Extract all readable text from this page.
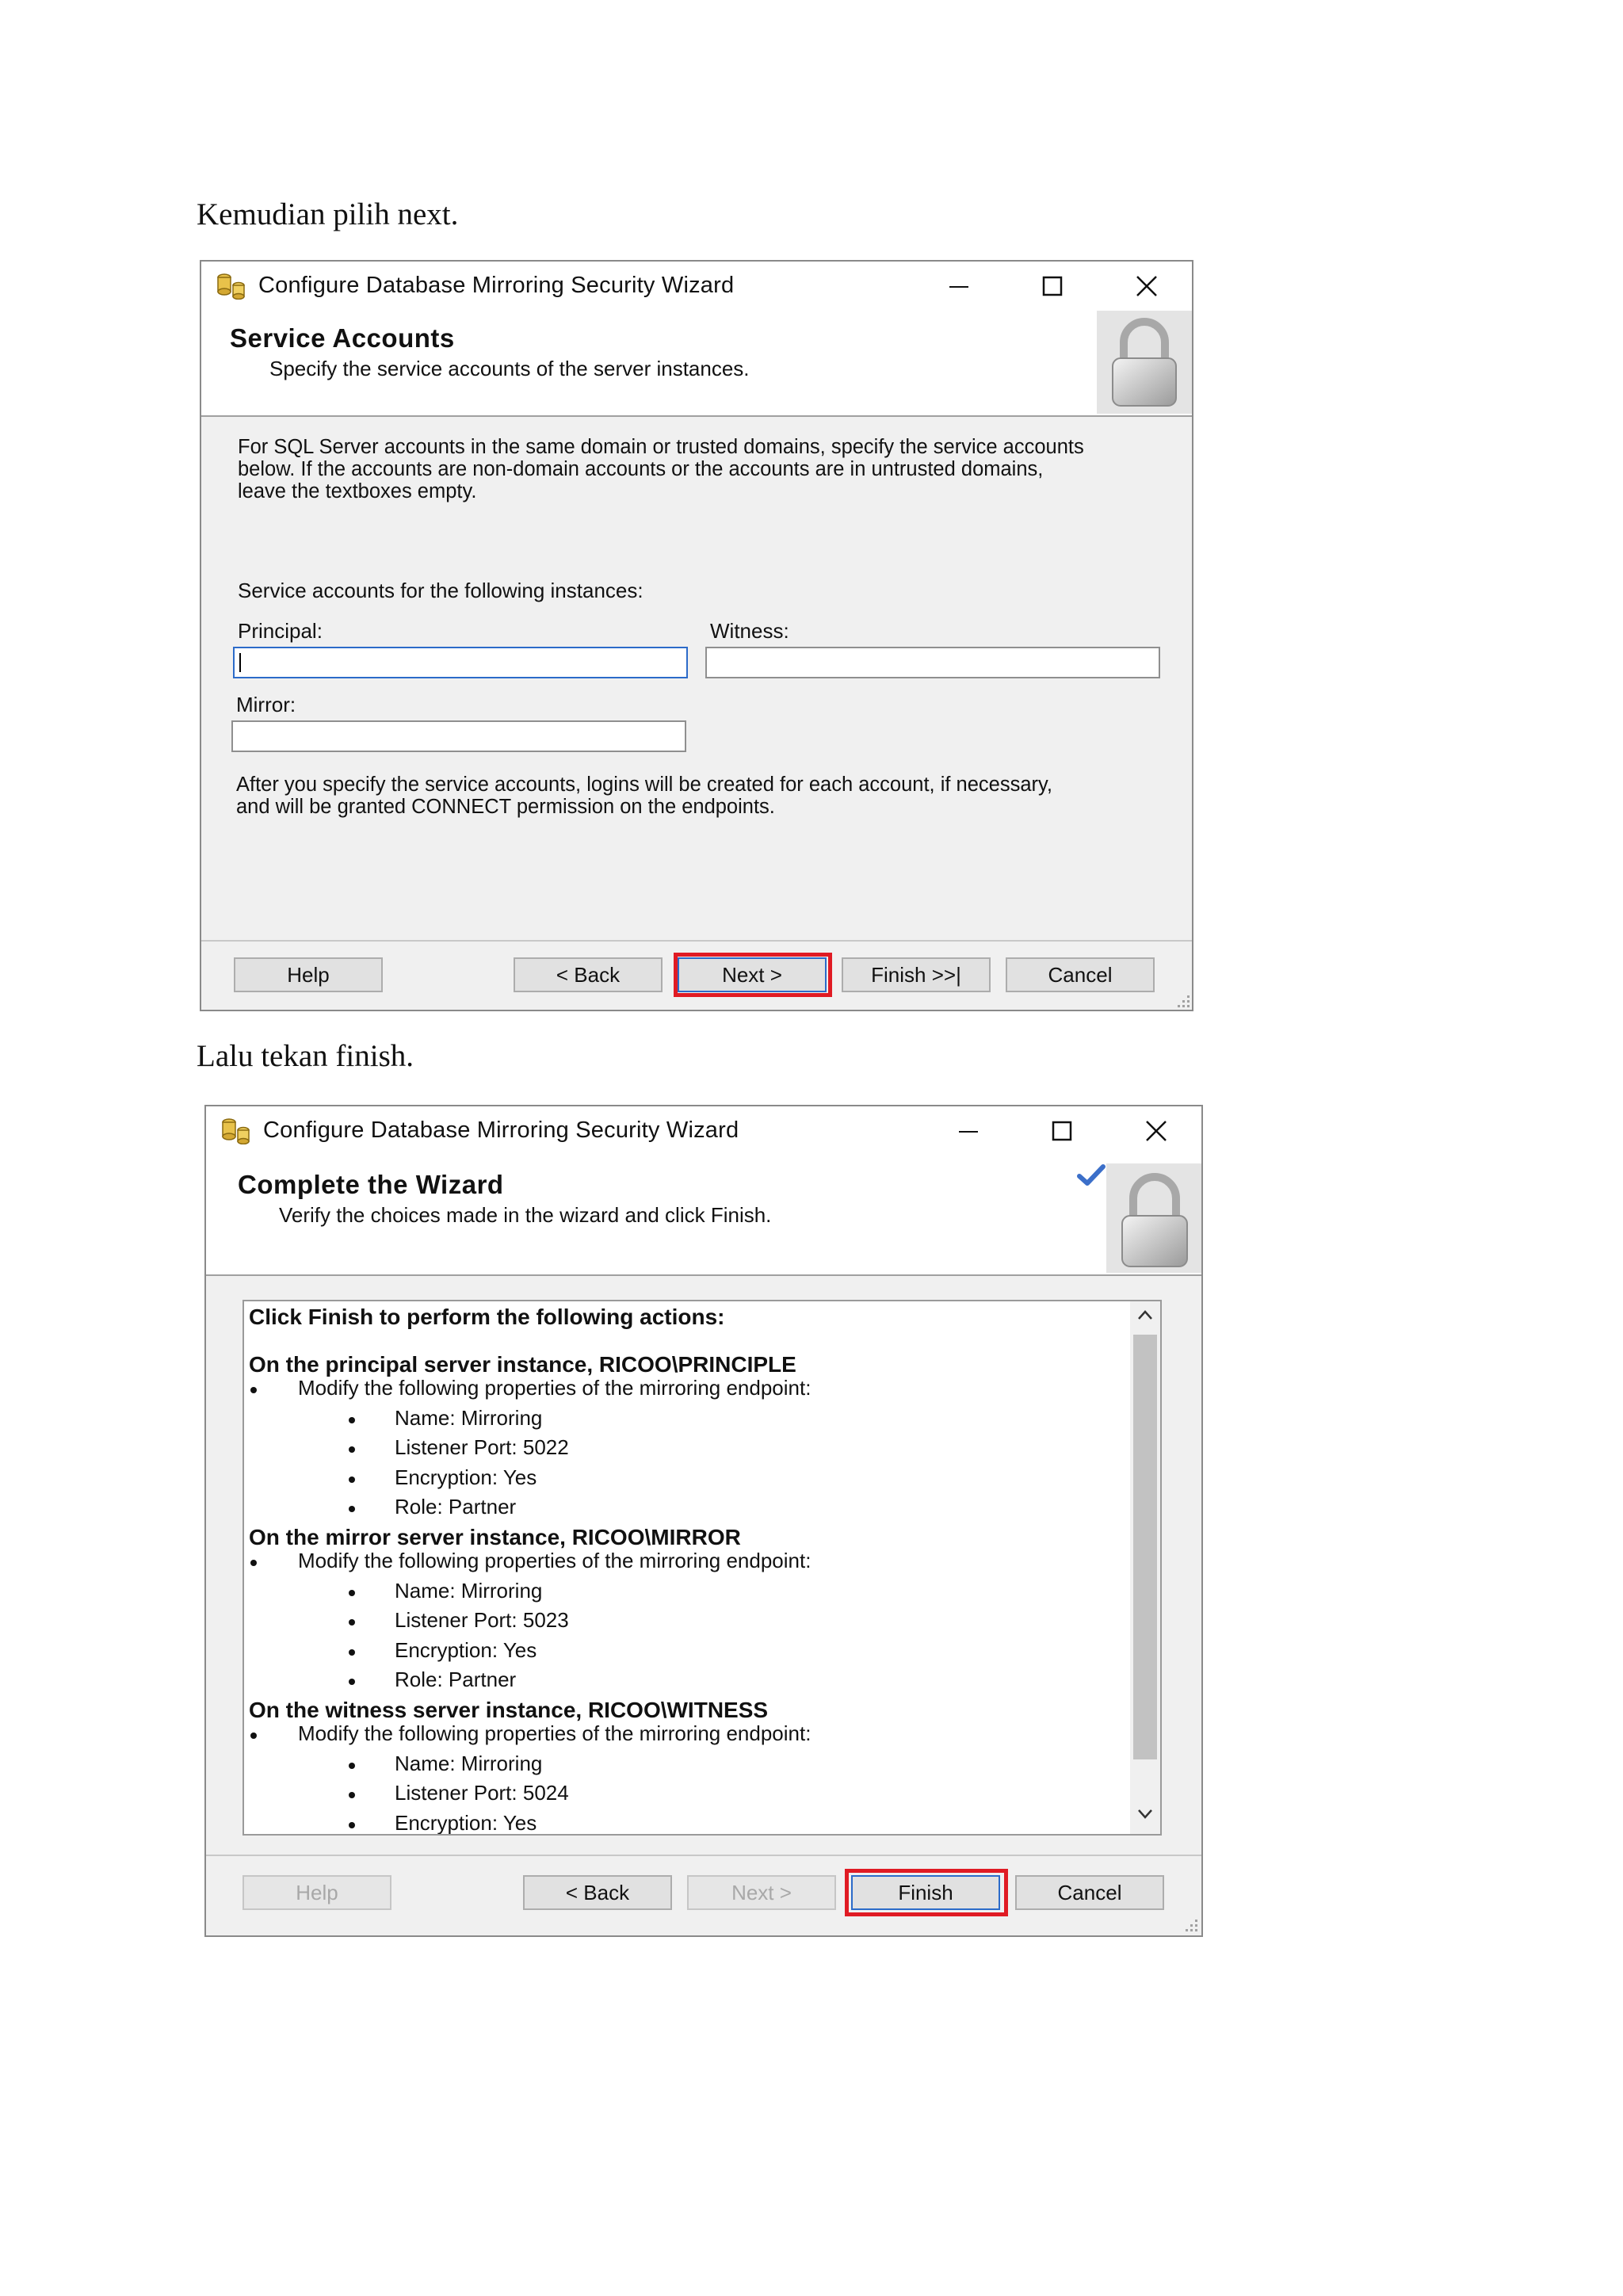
Kemudian pilih next.
Configure Database Mirroring Security Wizard
Service Accounts
Specify the service accounts of the server instances.
For SQL Server accounts in the same domain or trusted domains, specify the service accounts
below. If the accounts are non-domain accounts or the accounts are in untrusted domains,
leave the textboxes empty.
Service accounts for the following instances:
Principal:	Witness:
Mirror:
After you specify the service accounts, logins will be created for each account, if necessary,
and will be granted CONNECT permission on the endpoints.
Help	< Back	Next >	Finish >>|	Cancel
Lalu tekan finish.
Configure Database Mirroring Security Wizard
Complete the Wizard
Verify the choices made in the wizard and click Finish.
Click Finish to perform the following actions:
On the principal server instance, RICOO\PRINCIPLE
Modify the following properties of the mirroring endpoint:
Name: Mirroring
Listener Port: 5022
Encryption: Yes
Role: Partner
On the mirror server instance, RICOO\MIRROR
Modify the following properties of the mirroring endpoint:
Name: Mirroring
Listener Port: 5023
Encryption: Yes
Role: Partner
On the witness server instance, RICOO\WITNESS
Modify the following properties of the mirroring endpoint:
Name: Mirroring
Listener Port: 5024
Encryption: Yes
Help	< Back	Next >	Finish	Cancel
